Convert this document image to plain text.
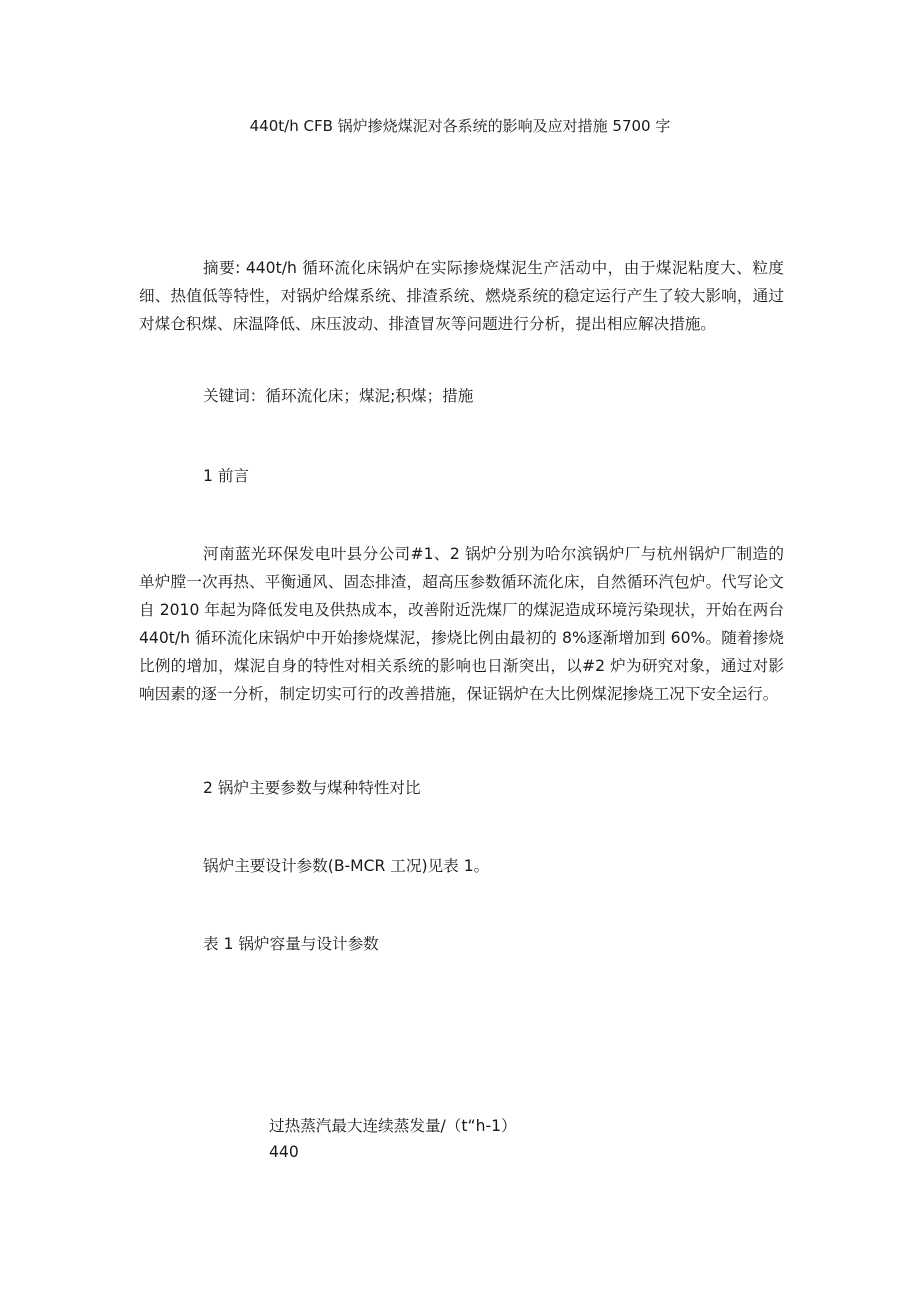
440t/h CFB 锅炉掺烧煤泥对各系统的影响及应对措施 5700 字

摘要: 440t/h 循环流化床锅炉在实际掺烧煤泥生产活动中，由于煤泥粘度大、粒度细、热值低等特性，对锅炉给煤系统、排渣系统、燃烧系统的稳定运行产生了较大影响，通过对煤仓积煤、床温降低、床压波动、排渣冒灰等问题进行分析，提出相应解决措施。

关键词：循环流化床；煤泥;积煤；措施
1 前言

河南蓝光环保发电叶县分公司#1、2 锅炉分别为哈尔滨锅炉厂与杭州锅炉厂制造的单炉膛一次再热、平衡通风、固态排渣，超高压参数循环流化床，自然循环汽包炉。代写论文自 2010 年起为降低发电及供热成本，改善附近洗煤厂的煤泥造成环境污染现状，开始在两台 440t/h 循环流化床锅炉中开始掺烧煤泥，掺烧比例由最初的 8%逐渐增加到 60%。随着掺烧比例的增加，煤泥自身的特性对相关系统的影响也日渐突出，以#2 炉为研究对象，通过对影响因素的逐一分析，制定切实可行的改善措施，保证锅炉在大比例煤泥掺烧工况下安全运行。

2 锅炉主要参数与煤种特性对比
锅炉主要设计参数(B-MCR 工况)见表 1。
表 1 锅炉容量与设计参数
过热蒸汽最大连续蒸发量/（t“h-1）
440
